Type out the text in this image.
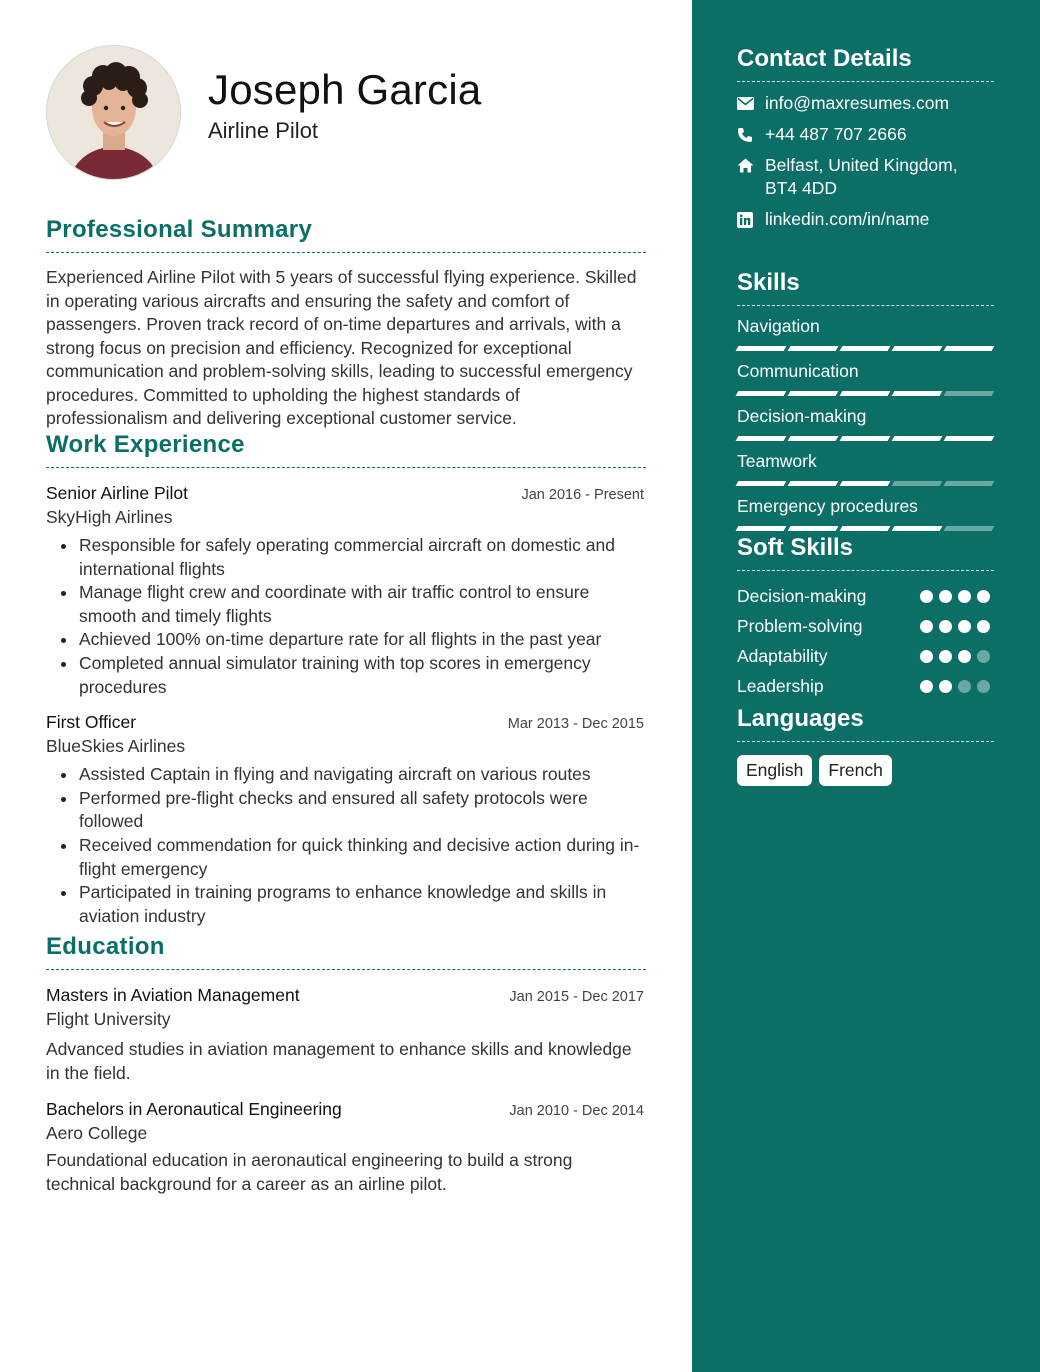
Joseph Garcia
Airline Pilot
Professional Summary
Experienced Airline Pilot with 5 years of successful flying experience. Skilled in operating various aircrafts and ensuring the safety and comfort of passengers. Proven track record of on-time departures and arrivals, with a strong focus on precision and efficiency. Recognized for exceptional communication and problem-solving skills, leading to successful emergency procedures. Committed to upholding the highest standards of professionalism and delivering exceptional customer service.
Work Experience
Senior Airline Pilot	Jan 2016 - Present
SkyHigh Airlines
Responsible for safely operating commercial aircraft on domestic and international flights
Manage flight crew and coordinate with air traffic control to ensure smooth and timely flights
Achieved 100% on-time departure rate for all flights in the past year
Completed annual simulator training with top scores in emergency procedures
First Officer	Mar 2013 - Dec 2015
BlueSkies Airlines
Assisted Captain in flying and navigating aircraft on various routes
Performed pre-flight checks and ensured all safety protocols were followed
Received commendation for quick thinking and decisive action during in-flight emergency
Participated in training programs to enhance knowledge and skills in aviation industry
Education
Masters in Aviation Management	Jan 2015 - Dec 2017
Flight University
Advanced studies in aviation management to enhance skills and knowledge in the field.
Bachelors in Aeronautical Engineering	Jan 2010 - Dec 2014
Aero College
Foundational education in aeronautical engineering to build a strong technical background for a career as an airline pilot.
Contact Details
info@maxresumes.com
+44 487 707 2666
Belfast, United Kingdom, BT4 4DD
linkedin.com/in/name
Skills
Navigation
Communication
Decision-making
Teamwork
Emergency procedures
Soft Skills
Decision-making
Problem-solving
Adaptability
Leadership
Languages
English	French
